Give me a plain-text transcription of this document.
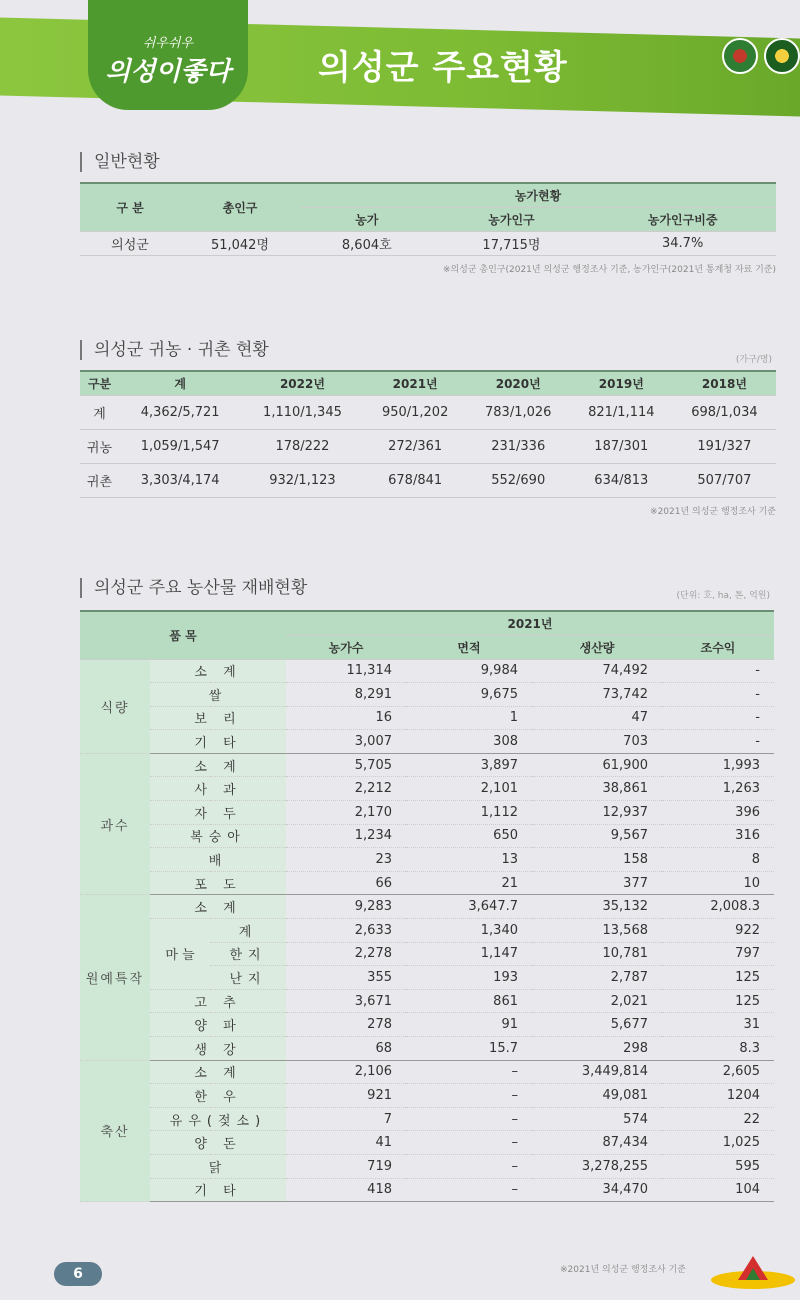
쉬우쉬우
의성이좋다	의성군 주요현황
일반현황
구 분	총인구	농가현황		
		농가	농가인구	농가인구비중
의성군	51,042명	8,604호	17,715명	34.7%
※의성군 총인구(2021년 의성군 행정조사 기준, 농가인구(2021년 통계청 자료 기준)
의성군 귀농 · 귀촌 현황	(가구/명)
구분	계	2022년	2021년	2020년	2019년	2018년
계	4,362/5,721	1,110/1,345	950/1,202	783/1,026	821/1,114	698/1,034
귀농	1,059/1,547	178/222	272/361	231/336	187/301	191/327
귀촌	3,303/4,174	932/1,123	678/841	552/690	634/813	507/707
※2021년 의성군 행정조사 기준
의성군 주요 농산물 재배현황	(단위: 호, ha, 톤, 억원)
품 목			2021년			
			농가수	면적	생산량	조수익
식량	소 계		11,314	9,984	74,492	-
	쌀		8,291	9,675	73,742	-
	보 리		16	1	47	-
	기 타		3,007	308	703	-
과수	소 계		5,705	3,897	61,900	1,993
	사 과		2,212	2,101	38,861	1,263
	자 두		2,170	1,112	12,937	396
	복숭아		1,234	650	9,567	316
	배		23	13	158	8
	포 도		66	21	377	10
원예특작	소 계		9,283	3,647.7	35,132	2,008.3
	마 늘	계	2,633	1,340	13,568	922
		한지	2,278	1,147	10,781	797
		난지	355	193	2,787	125
	고 추		3,671	861	2,021	125
	양 파		278	91	5,677	31
	생 강		68	15.7	298	8.3
축산	소 계		2,106	–	3,449,814	2,605
	한 우		921	–	49,081	1204
	유우(젖소)		7	–	574	22
	양 돈		41	–	87,434	1,025
	닭		719	–	3,278,255	595
	기 타		418	–	34,470	104
6	※2021년 의성군 행정조사 기준
